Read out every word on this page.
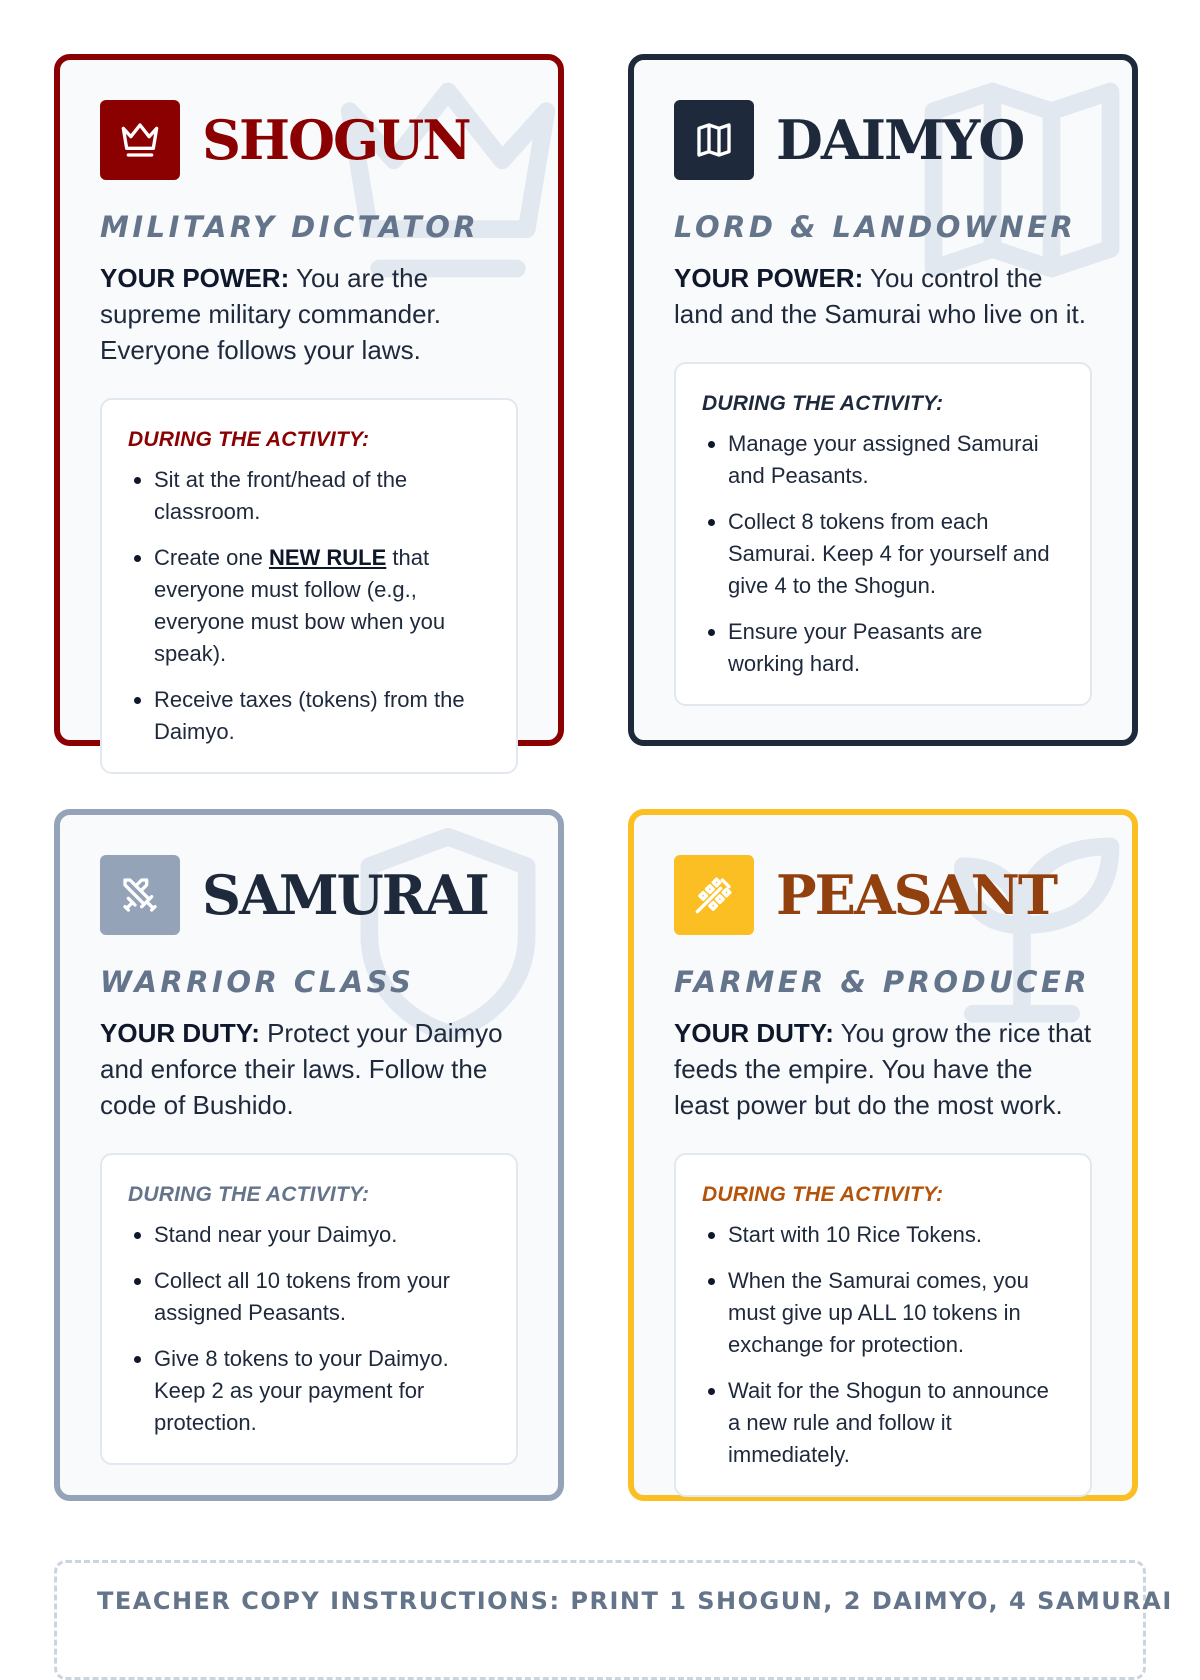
SHOGUN
MILITARY DICTATOR
YOUR POWER: You are the supreme military commander. Everyone follows your laws.
DURING THE ACTIVITY:
• Sit at the front/head of the classroom.
• Create one NEW RULE that everyone must follow (e.g., everyone must bow when you speak).
• Receive taxes (tokens) from the Daimyo.
DAIMYO
LORD & LANDOWNER
YOUR POWER: You control the land and the Samurai who live on it.
DURING THE ACTIVITY:
• Manage your assigned Samurai and Peasants.
• Collect 8 tokens from each Samurai. Keep 4 for yourself and give 4 to the Shogun.
• Ensure your Peasants are working hard.
SAMURAI
WARRIOR CLASS
YOUR DUTY: Protect your Daimyo and enforce their laws. Follow the code of Bushido.
DURING THE ACTIVITY:
• Stand near your Daimyo.
• Collect all 10 tokens from your assigned Peasants.
• Give 8 tokens to your Daimyo. Keep 2 as your payment for protection.
PEASANT
FARMER & PRODUCER
YOUR DUTY: You grow the rice that feeds the empire. You have the least power but do the most work.
DURING THE ACTIVITY:
• Start with 10 Rice Tokens.
• When the Samurai comes, you must give up ALL 10 tokens in exchange for protection.
• Wait for the Shogun to announce a new rule and follow it immediately.
TEACHER COPY INSTRUCTIONS: PRINT 1 SHOGUN, 2 DAIMYO, 4 SAMURAI
